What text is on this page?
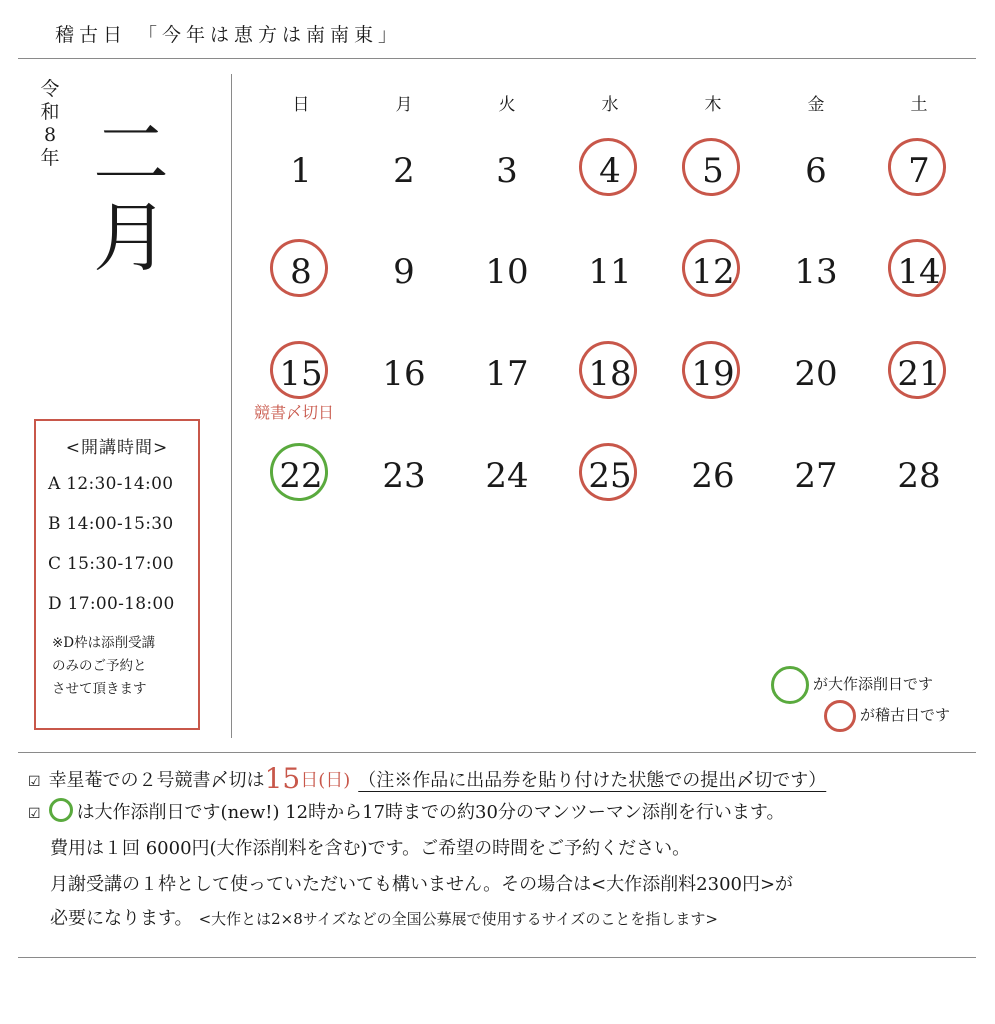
稽古日 「今年は恵方は南南東」
令
和
8
年 二
月
<開講時間>
A 12:30-14:00
B 14:00-15:30
C 15:30-17:00
D 17:00-18:00
※D枠は添削受講
のみのご予約と
させて頂きます
競書〆切日
日	月	火	水	木	金	土
1	2	3	4	5	6	7
8	9	10	11	12	13	14
15	16	17	18	19	20	21
22	23	24	25	26	27	28
が大作添削日です
が稽古日です
☑ 幸星菴での２号競書〆切は15日(日) （注※作品に出品券を貼り付けた状態での提出〆切です）
☑ は大作添削日です(new!) 12時から17時までの約30分のマンツーマン添削を行います。
費用は１回 6000円(大作添削料を含む)です。ご希望の時間をご予約ください。
月謝受講の１枠として使っていただいても構いません。その場合は<大作添削料2300円>が
必要になります。 <大作とは2×8サイズなどの全国公募展で使用するサイズのことを指します>
